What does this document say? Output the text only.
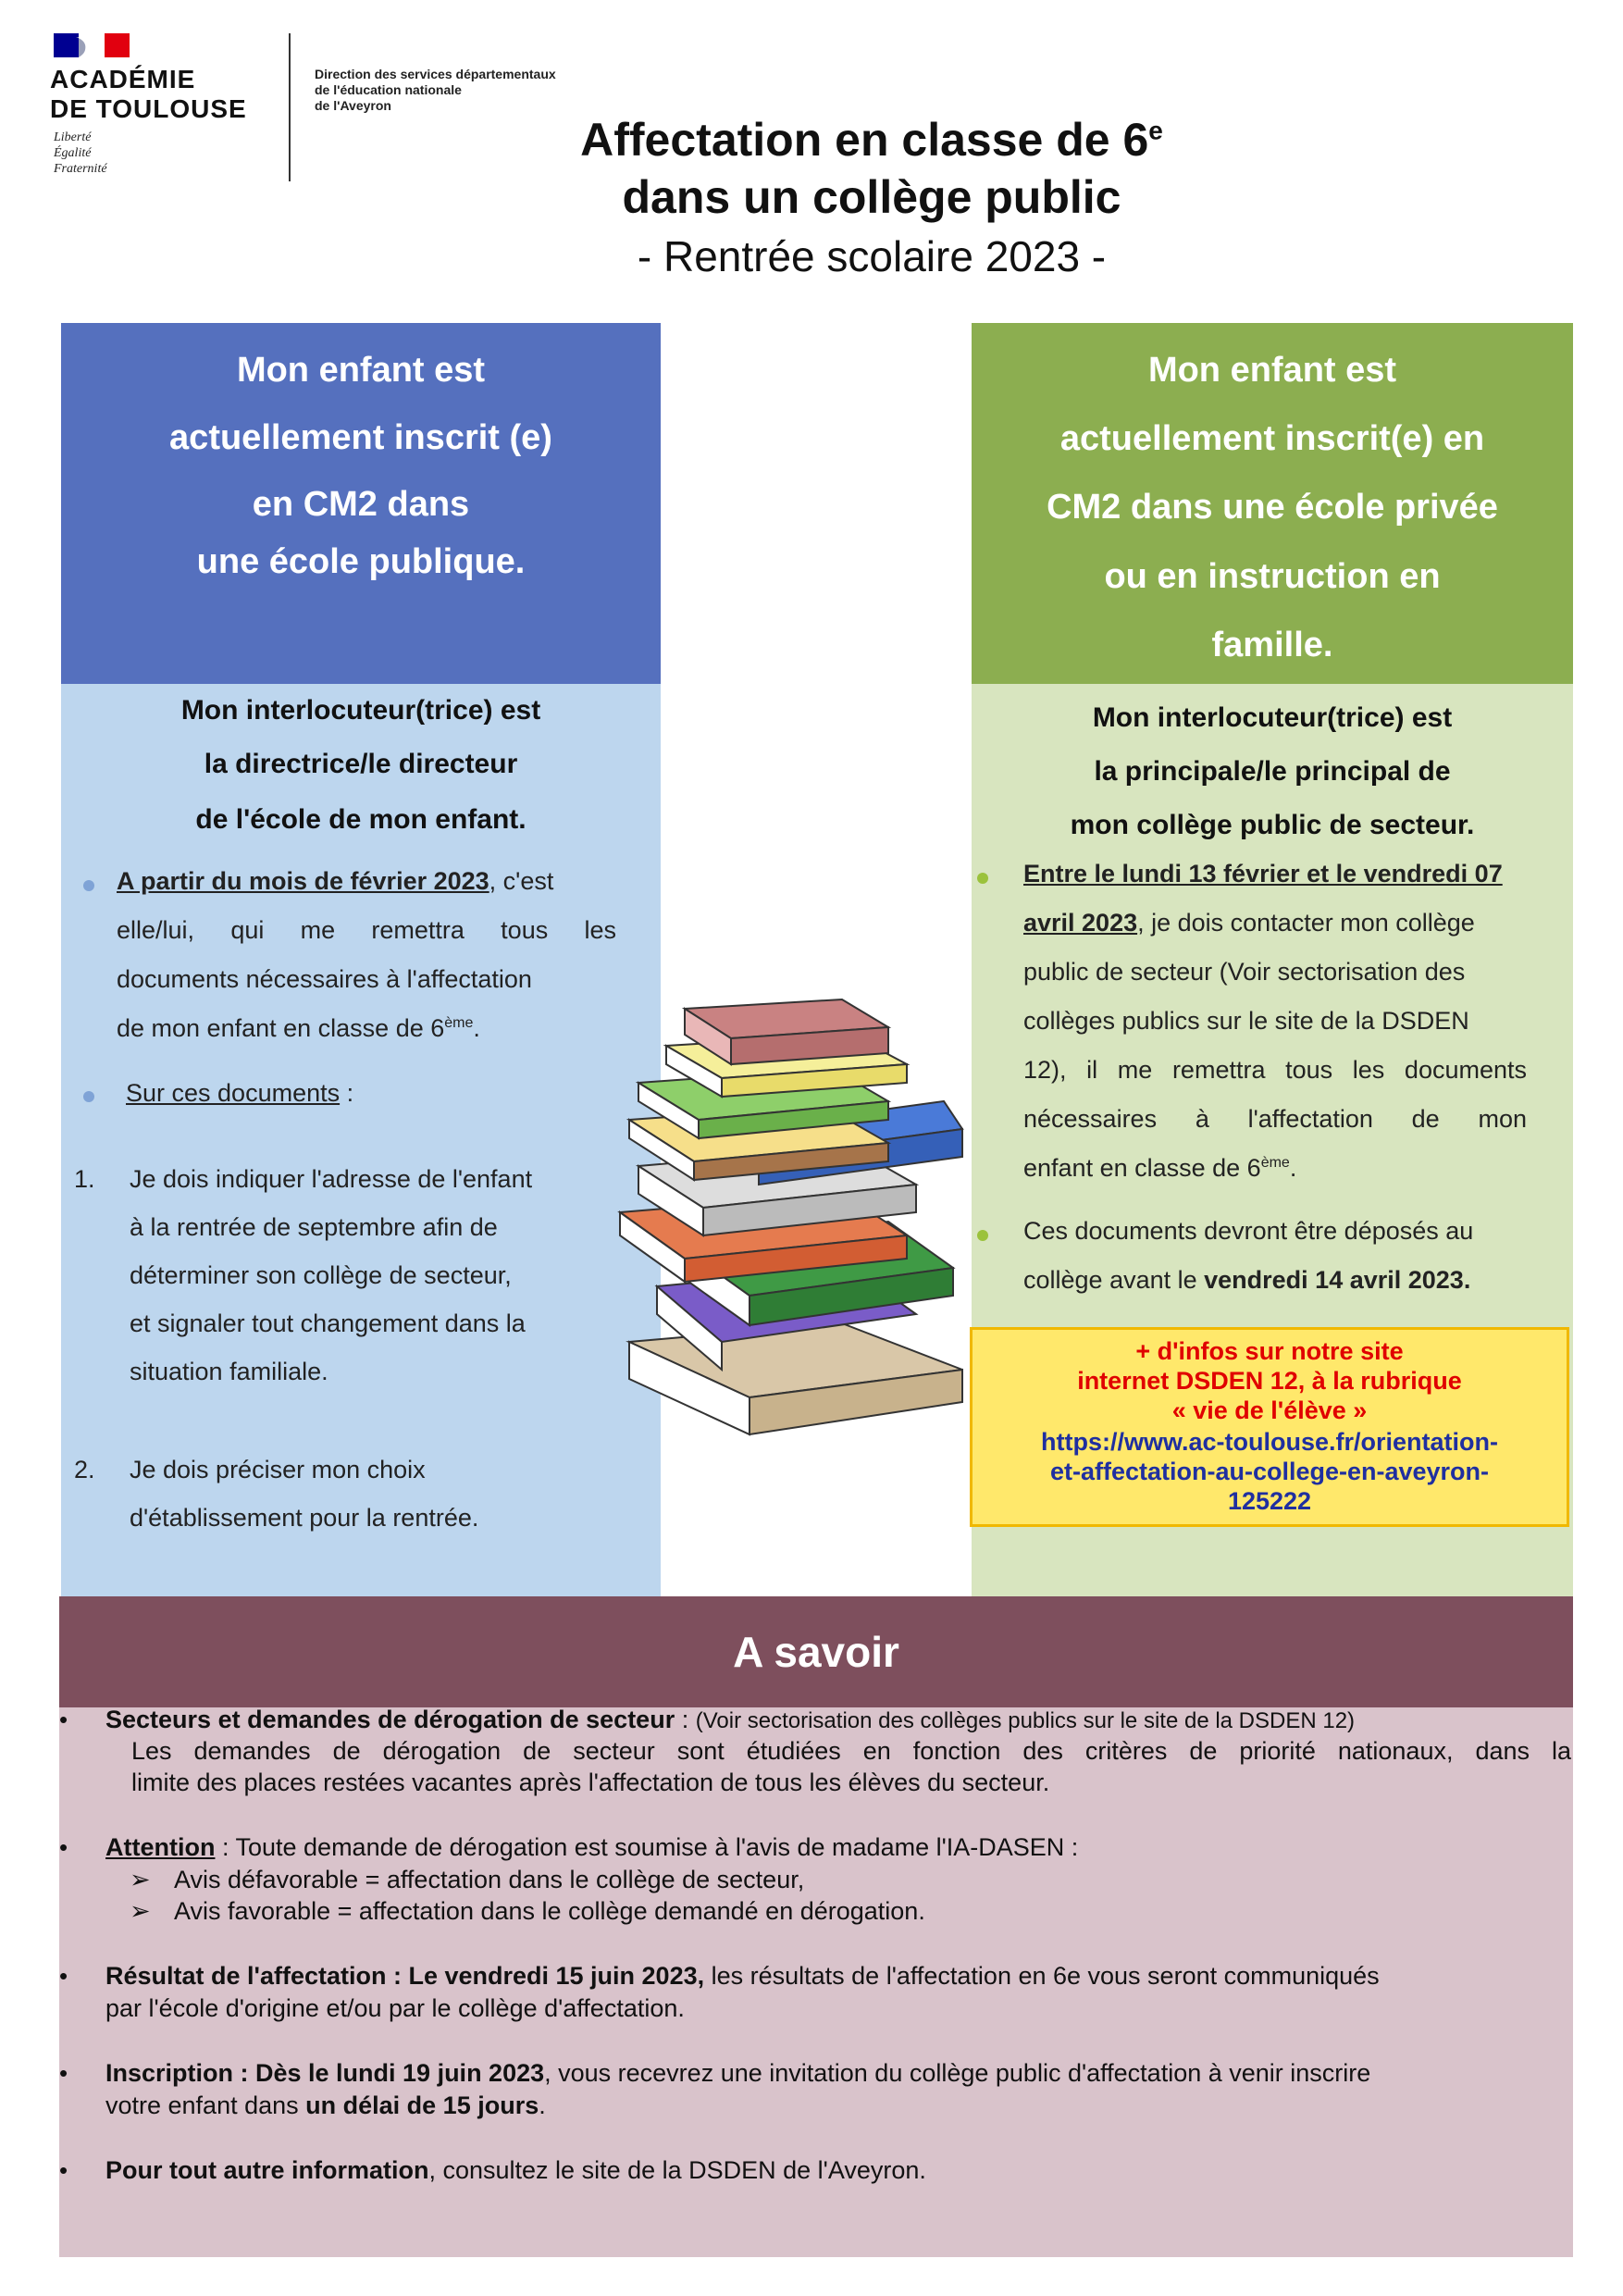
ACADÉMIE
DE TOULOUSE
Liberté
Égalité
Fraternité
Direction des services départementaux
de l'éducation nationale
de l'Aveyron
Affectation en classe de 6e
dans un collège public
- Rentrée scolaire 2023 -
Mon enfant est
actuellement inscrit (e)
en CM2 dans
une école publique.
Mon interlocuteur(trice) est
la directrice/le directeur
de l'école de mon enfant.
A partir du mois de février 2023, c'est
elle/lui, qui me remettra tous les
documents nécessaires à l'affectation
de mon enfant en classe de 6ème.
Sur ces documents :
1. Je dois indiquer l'adresse de l'enfant
à la rentrée de septembre afin de
déterminer son collège de secteur,
et signaler tout changement dans la
situation familiale.
2. Je dois préciser mon choix
d'établissement pour la rentrée.
Mon enfant est
actuellement inscrit(e) en
CM2 dans une école privée
ou en instruction en
famille.
Mon interlocuteur(trice) est
la principale/le principal de
mon collège public de secteur.
Entre le lundi 13 février et le vendredi 07
avril 2023, je dois contacter mon collège
public de secteur (Voir sectorisation des
collèges publics sur le site de la DSDEN
12), il me remettra tous les documents
nécessaires à l'affectation de mon
enfant en classe de 6ème.
Ces documents devront être déposés au
collège avant le vendredi 14 avril 2023.
+ d'infos sur notre site
internet DSDEN 12, à la rubrique
« vie de l'élève »
https://www.ac-toulouse.fr/orientation-
et-affectation-au-college-en-aveyron-
125222
A savoir
• Secteurs et demandes de dérogation de secteur : (Voir sectorisation des collèges publics sur le site de la DSDEN 12)
Les demandes de dérogation de secteur sont étudiées en fonction des critères de priorité nationaux, dans la
limite des places restées vacantes après l'affectation de tous les élèves du secteur.
• Attention : Toute demande de dérogation est soumise à l'avis de madame l'IA-DASEN :
➢ Avis défavorable = affectation dans le collège de secteur,
➢ Avis favorable = affectation dans le collège demandé en dérogation.
• Résultat de l'affectation : Le vendredi 15 juin 2023, les résultats de l'affectation en 6e vous seront communiqués
par l'école d'origine et/ou par le collège d'affectation.
• Inscription : Dès le lundi 19 juin 2023, vous recevrez une invitation du collège public d'affectation à venir inscrire
votre enfant dans un délai de 15 jours.
• Pour tout autre information, consultez le site de la DSDEN de l'Aveyron.
